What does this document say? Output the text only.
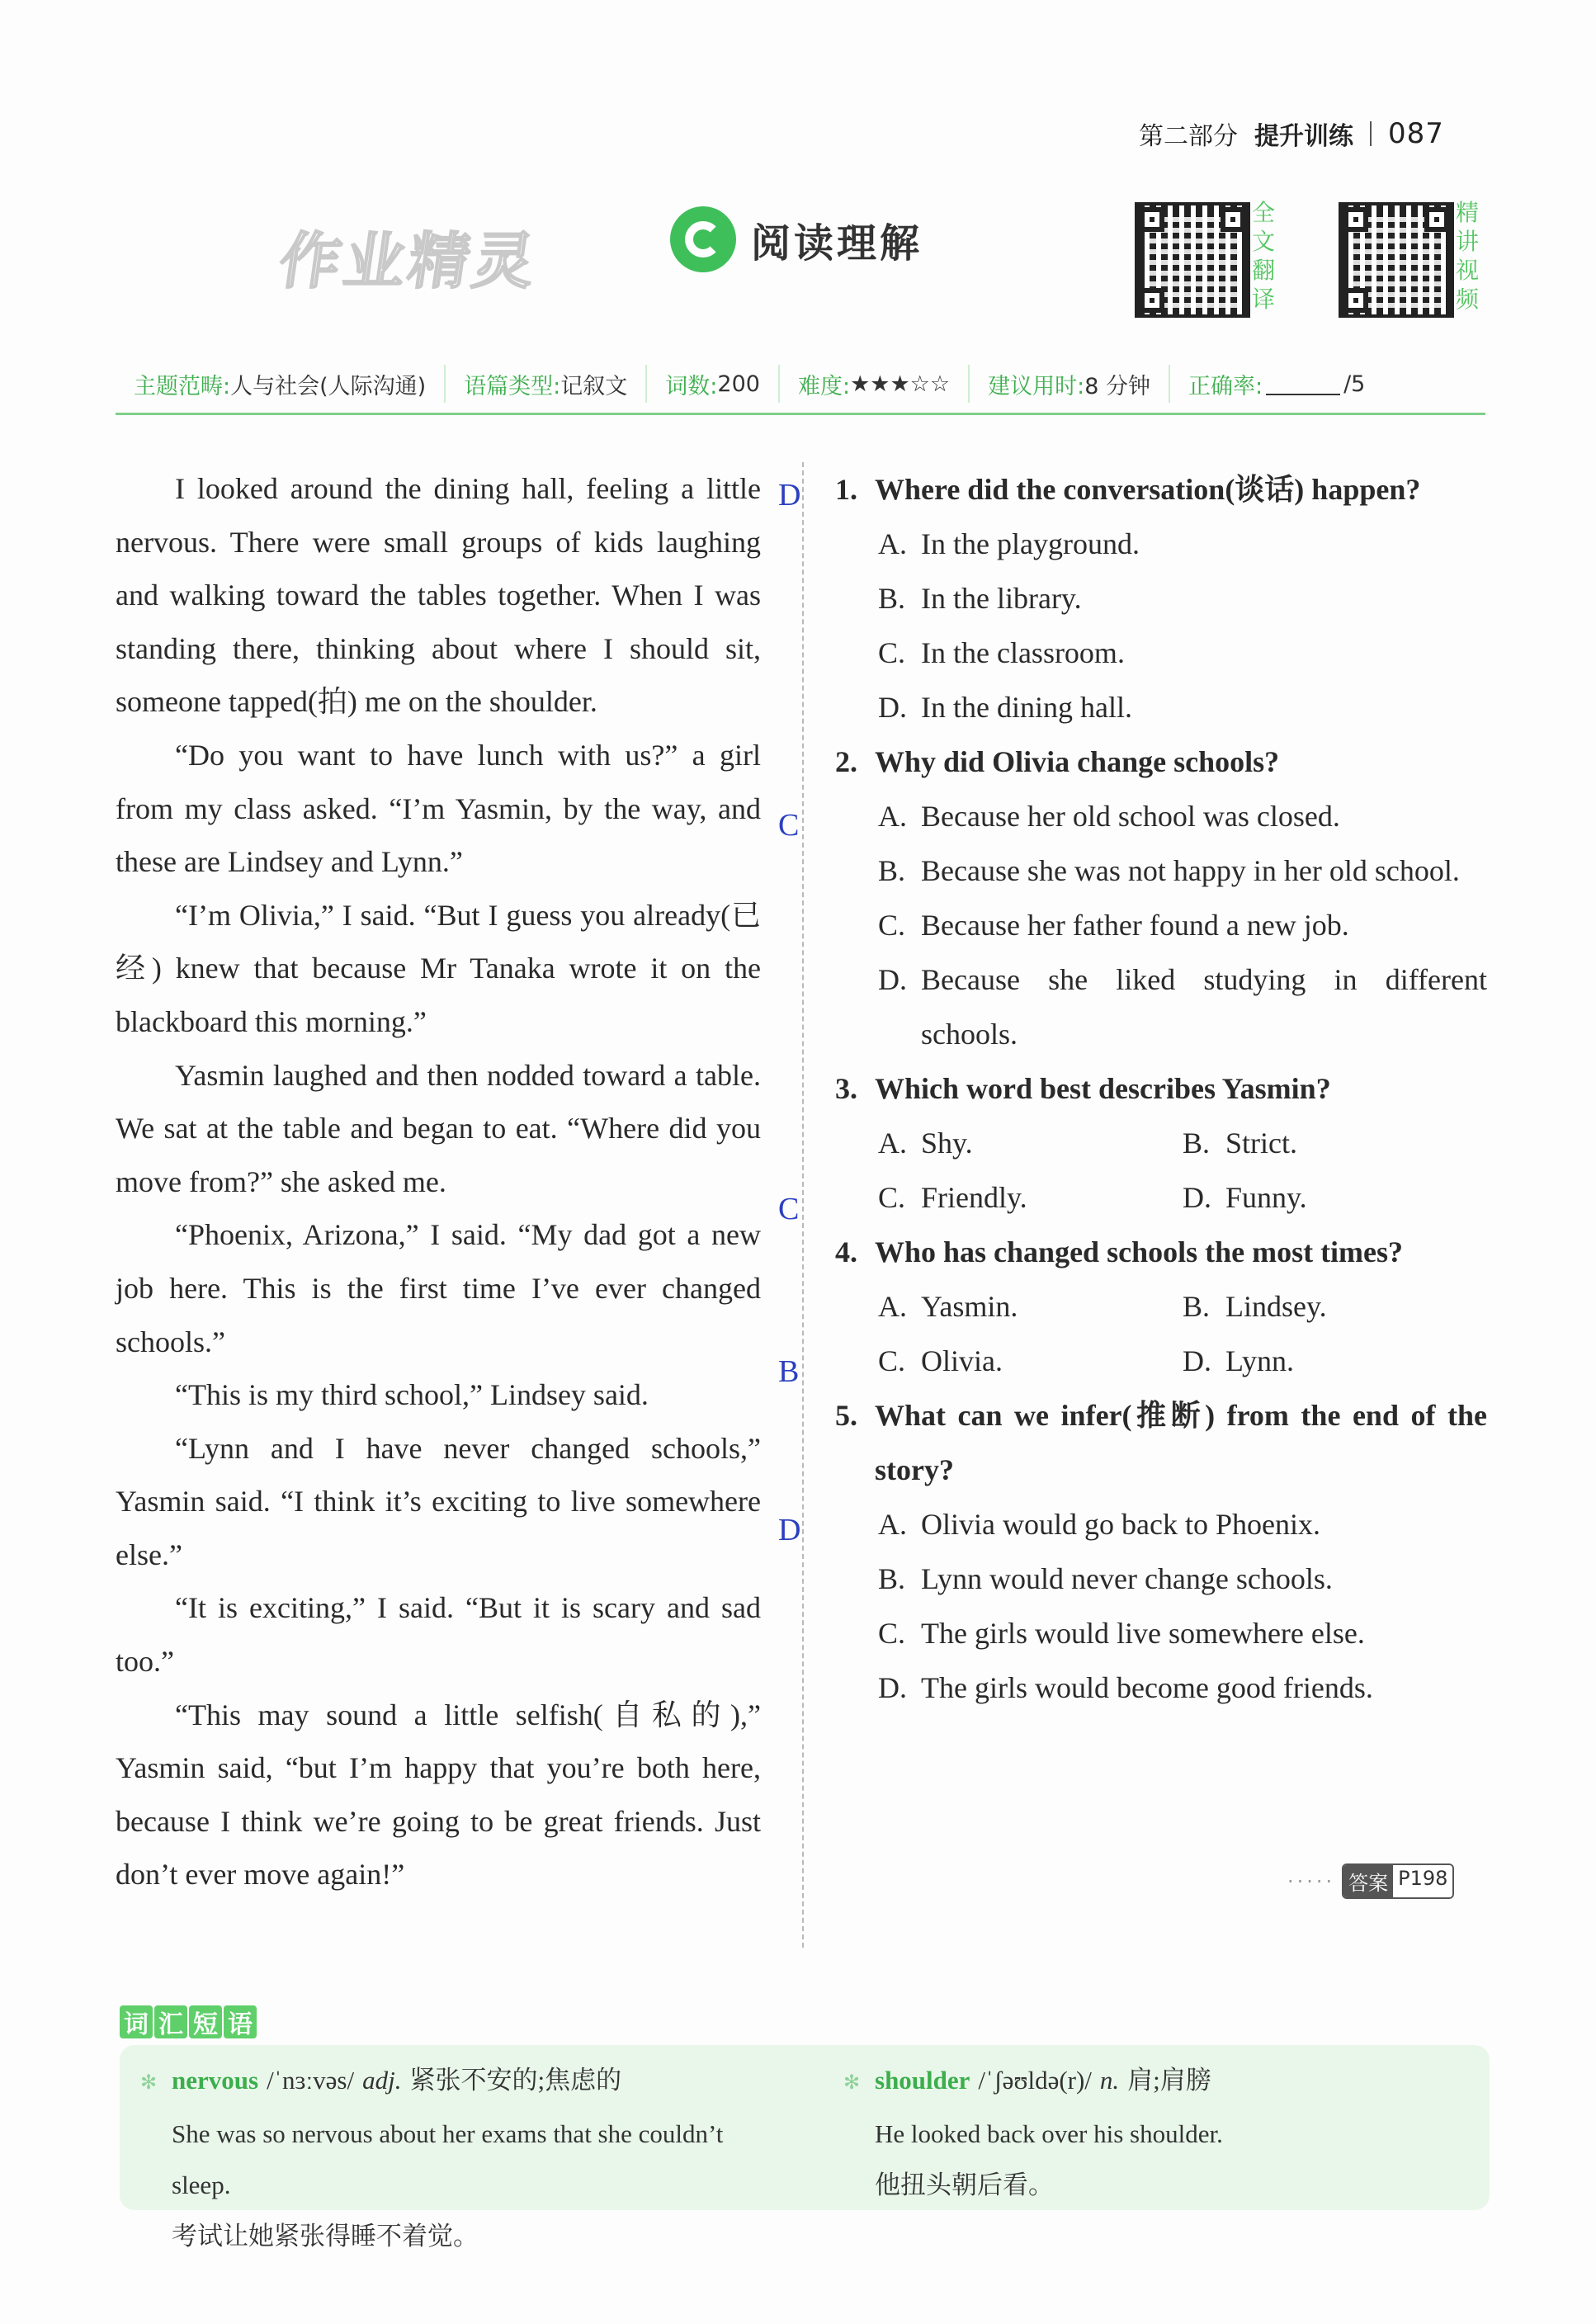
第二部分 提升训练 087
作业精灵	阅读理解
全
文
翻
译
精
讲
视
频
主题范畴: 人与社会(人际沟通) 语篇类型: 记叙文 词数: 200 难度: ★★★☆☆ 建议用时: 8 分钟 正确率:	/5

I looked around the dining hall, feeling a little nervous. There were small groups of kids laughing and walking toward the tables together. When I was standing there, thinking about where I should sit, someone tapped(拍) me on the shoulder.

“Do you want to have lunch with us?” a girl from my class asked. “I’m Yasmin, by the way, and these are Lindsey and Lynn.”

“I’m Olivia,” I said. “But I guess you already(已经) knew that because Mr Tanaka wrote it on the blackboard this morning.”

Yasmin laughed and then nodded toward a table. We sat at the table and began to eat. “Where did you move from?” she asked me.

“Phoenix, Arizona,” I said. “My dad got a new job here. This is the first time I’ve ever changed schools.”

“This is my third school,” Lindsey said.

“Lynn and I have never changed schools,” Yasmin said. “I think it’s exciting to live somewhere else.”

“It is exciting,” I said. “But it is scary and sad too.”

“This may sound a little selfish(自私的),” Yasmin said, “but I’m happy that you’re both here, because I think we’re going to be great friends. Just don’t ever move again!”

D
C
C
B
D
1. Where did the conversation(谈话) happen?
A. In the playground.
B. In the library.
C. In the classroom.
D. In the dining hall.
2. Why did Olivia change schools?
A. Because her old school was closed.
B. Because she was not happy in her old school.
C. Because her father found a new job.
D. Because she liked studying in different schools.
3. Which word best describes Yasmin?
A. Shy.	B. Strict.
C. Friendly.	D. Funny.
4. Who has changed schools the most times?
A. Yasmin.	B. Lindsey.
C. Olivia.	D. Lynn.
5. What can we infer(推断) from the end of the story?
A. Olivia would go back to Phoenix.
B. Lynn would never change schools.
C. The girls would live somewhere else.
D. The girls would become good friends.
····· 答案 P198
词 汇 短 语
✻ nervous /ˈnɜːvəs/ adj. 紧张不安的;焦虑的
She was so nervous about her exams that she couldn’t sleep.
考试让她紧张得睡不着觉。
✻ shoulder /ˈʃəʊldə(r)/ n. 肩;肩膀
He looked back over his shoulder.
他扭头朝后看。
